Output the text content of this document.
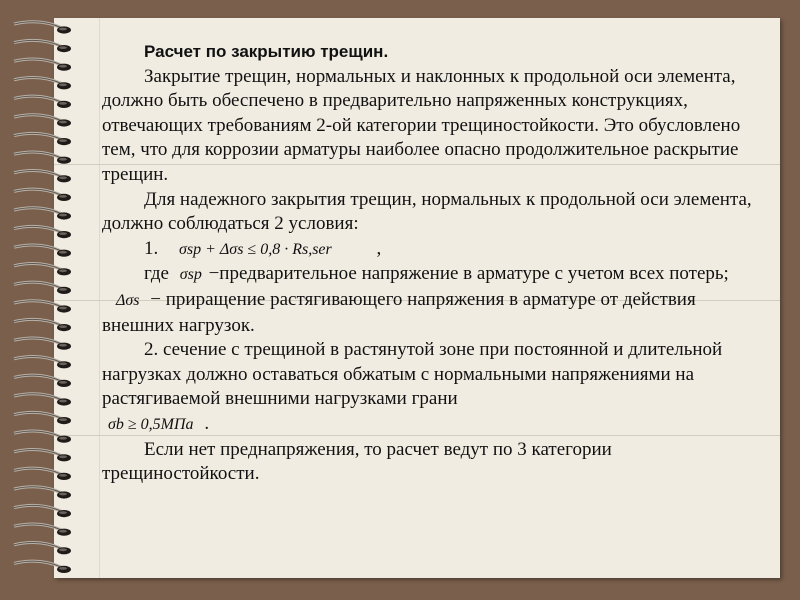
Расчет по закрытию трещин.

Закрытие трещин, нормальных и наклонных к продольной оси элемента, должно быть обеспечено в предварительно напряженных конструкциях, отвечающих требованиям 2-ой категории трещиностойкости. Это обусловлено тем, что для коррозии арматуры наиболее опасно продолжительное раскрытие трещин.

Для надежного закрытия трещин, нормальных к продольной оси элемента, должно соблюдаться 2 условия:

1. σsp + Δσs ≤ 0,8 · Rs,ser ,

где σsp −предварительное напряжение в арматуре с учетом всех потерь; Δσs − приращение растягивающего напряжения в арматуре от действия внешних нагрузок.

2. сечение с трещиной в растянутой зоне при постоянной и длительной нагрузках должно оставаться обжатым с нормальными напряжениями на растягиваемой внешними нагрузками грани
σb ≥ 0,5МПа .

Если нет преднапряжения, то расчет ведут по 3 категории трещиностойкости.
